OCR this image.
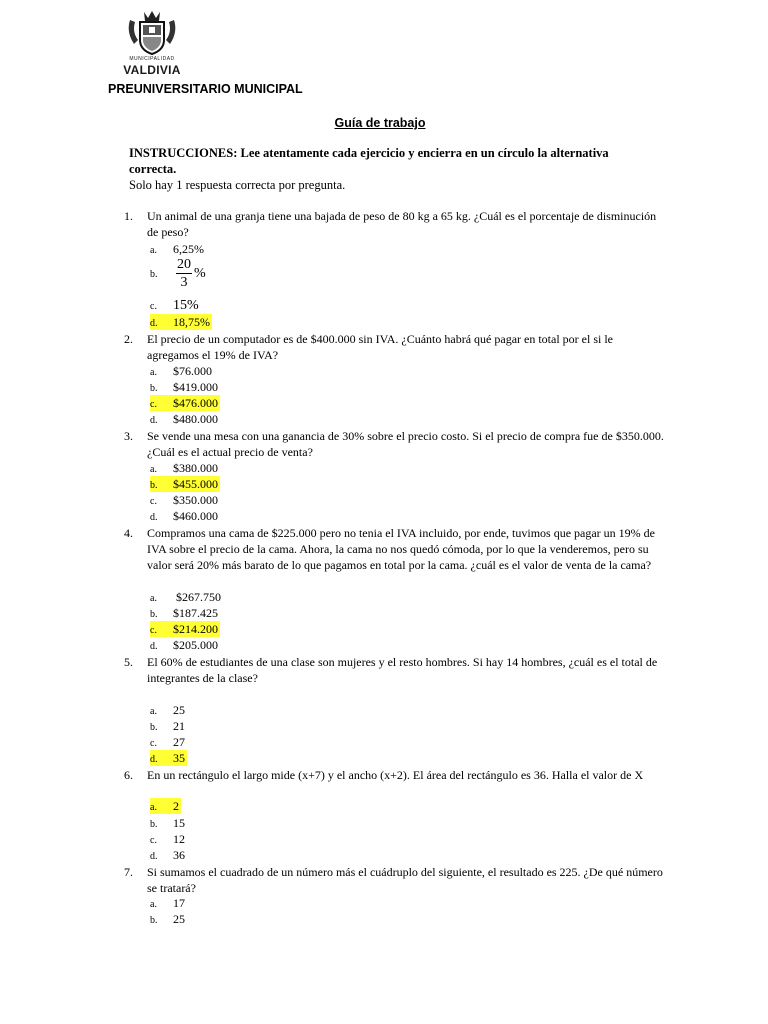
MUNICIPALIDAD
VALDIVIA
PREUNIVERSITARIO MUNICIPAL
Guía de trabajo
INSTRUCCIONES: Lee atentamente cada ejercicio y encierra en un círculo la alternativa correcta.
Solo hay 1 respuesta correcta por pregunta.
1.	Un animal de una granja tiene una bajada de peso de 80 kg a 65 kg. ¿Cuál es el porcentaje de disminución de peso?
a. 6,25%
b.
20
3
%
c. 15%
d. 18,75%
2.	El precio de un computador es de $400.000 sin IVA. ¿Cuánto habrá qué pagar en total por el si le agregamos el 19% de IVA?
a. $76.000
b. $419.000
c. $476.000
d. $480.000
3.	Se vende una mesa con una ganancia de 30% sobre el precio costo. Si el precio de compra fue de $350.000. ¿Cuál es el actual precio de venta?
a. $380.000
b. $455.000
c. $350.000
d. $460.000
4.	Compramos una cama de $225.000 pero no tenia el IVA incluido, por ende, tuvimos que pagar un 19% de IVA sobre el precio de la cama. Ahora, la cama no nos quedó cómoda, por lo que la venderemos, pero su valor será 20% más barato de lo que pagamos en total por la cama. ¿cuál es el valor de venta de la cama?
a. $267.750
b. $187.425
c. $214.200
d. $205.000
5.	El 60% de estudiantes de una clase son mujeres y el resto hombres. Si hay 14 hombres, ¿cuál es el total de integrantes de la clase?
a. 25
b. 21
c. 27
d. 35
6.	En un rectángulo el largo mide (x+7) y el ancho (x+2). El área del rectángulo es 36. Halla el valor de X
a. 2
b. 15
c. 12
d. 36
7.	Si sumamos el cuadrado de un número más el cuádruplo del siguiente, el resultado es 225. ¿De qué número se tratará?
a. 17
b. 25
